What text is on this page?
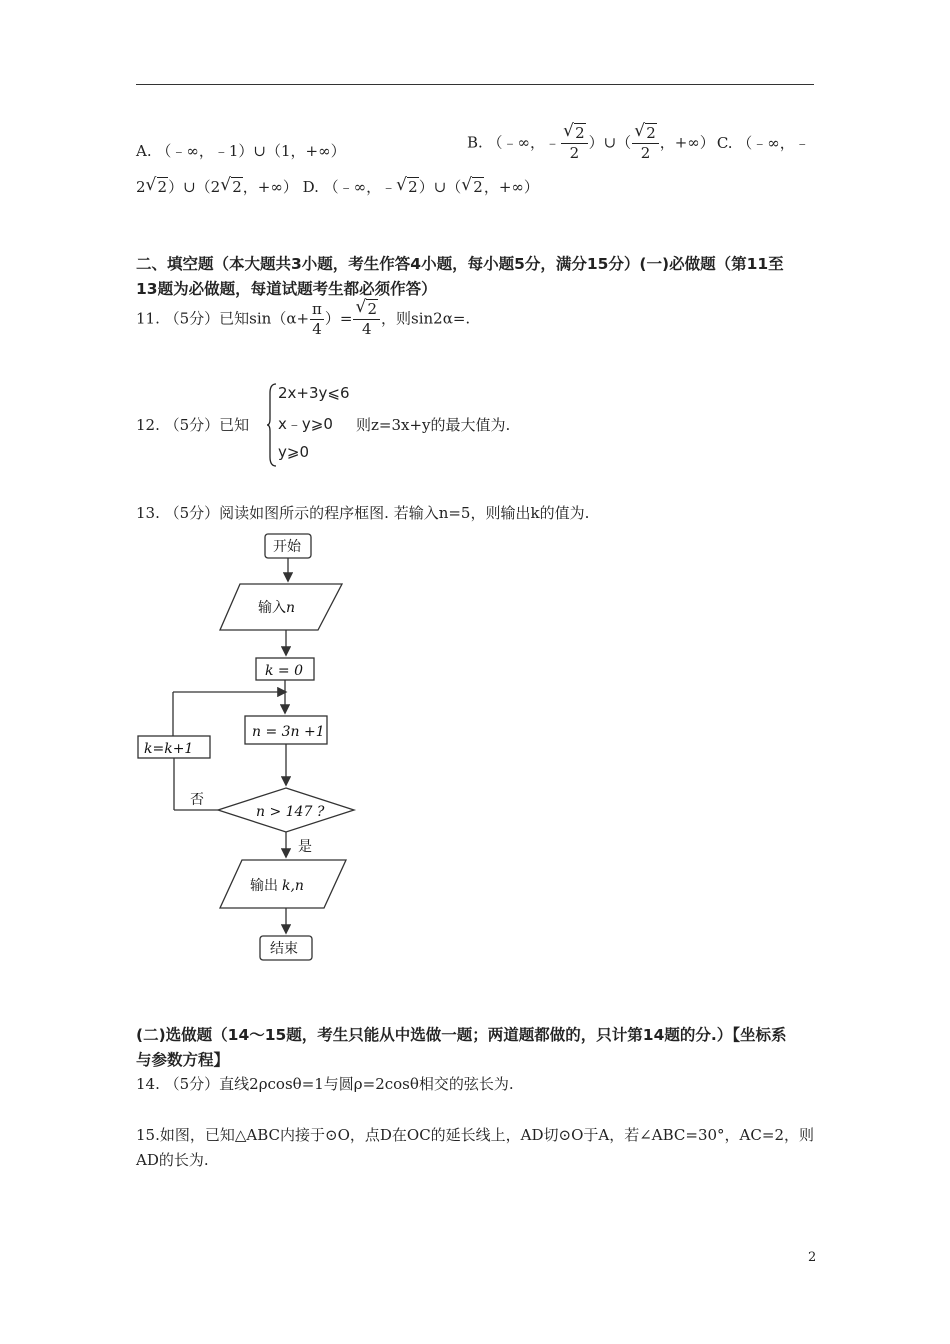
A. （﹣∞，﹣1）∪（1，+∞）	B. （﹣∞，﹣ $\frac{√ 2}{2}$ ）∪（ $\frac{√ 2}{2}$ ，+∞） C. （﹣∞，﹣
2 √ 2）∪（2 √ 2，+∞） D. （﹣∞，﹣ √ 2）∪（ √ 2，+∞）
二、填空题（本大题共3小题，考生作答4小题，每小题5分，满分15分）(一)必做题（第11至
13题为必做题，每道试题考生都必须作答）
11. （5分）已知$\sin(\alpha+ \frac{\pi}{4}$ ）= $\frac{√ 2}{4}$ ，则sin2α=.
12. （5分）已知
2x+3y⩽6
x﹣y⩾0
y⩾0
则z=3x+y的最大值为.
13. （5分）阅读如图所示的程序框图. 若输入n=5，则输出k的值为.
开始
输入n
k = 0
n = 3n +1
k=k+1
n > 147 ?
否
是
输出 k,n
结束
(二)选做题（14～15题，考生只能从中选做一题；两道题都做的，只计第14题的分.）【坐标系
与参数方程】
14. （5分）直线2ρcosθ=1与圆ρ=2cosθ相交的弦长为.
15.如图，已知△ABC内接于⊙O，点D在OC的延长线上，AD切⊙O于A，若∠ABC=30°，AC=2，则
AD的长为.
2
